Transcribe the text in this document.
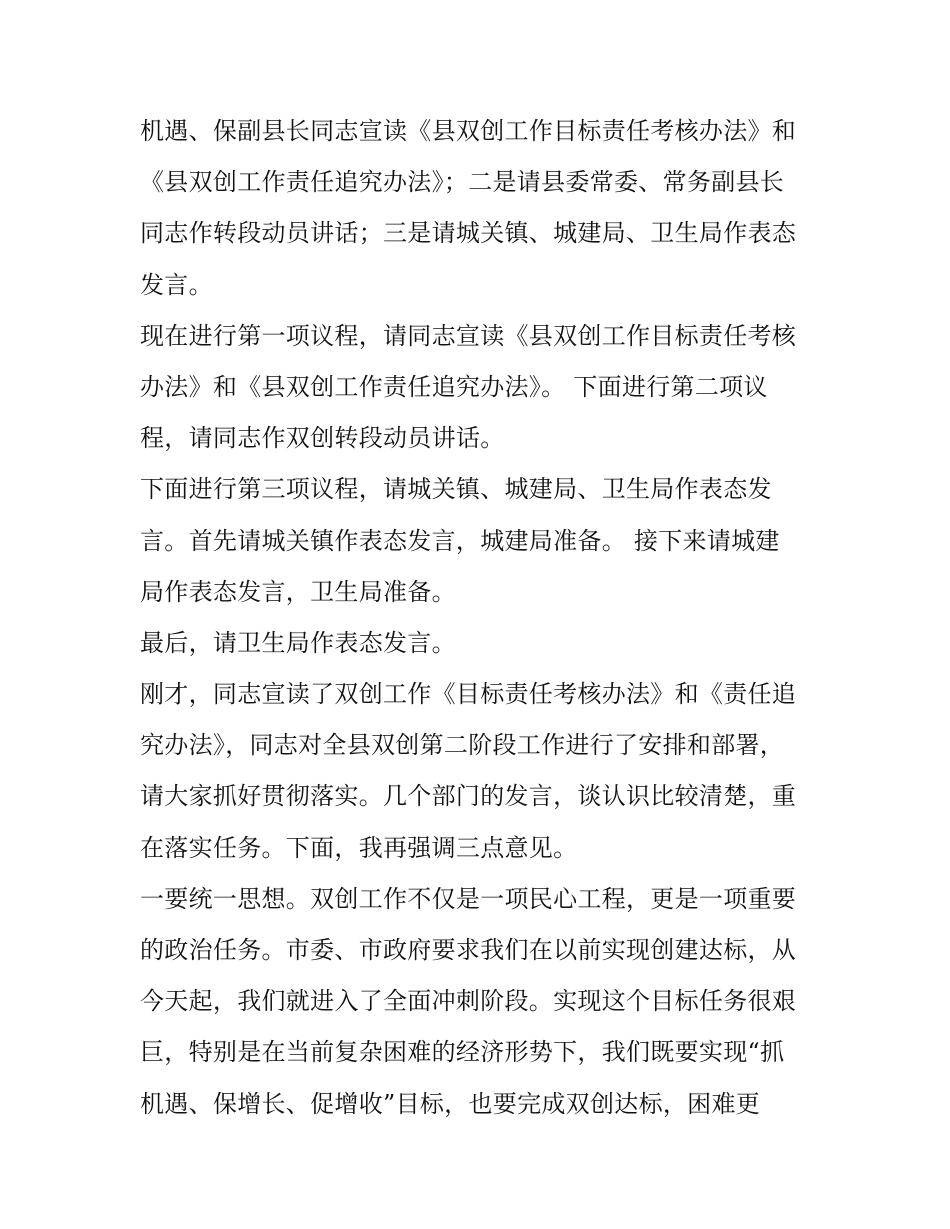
机遇、保副县长同志宣读《县双创工作目标责任考核办法》和
《县双创工作责任追究办法》；二是请县委常委、常务副县长
同志作转段动员讲话；三是请城关镇、城建局、卫生局作表态
发言。
现在进行第一项议程，请同志宣读《县双创工作目标责任考核
办法》和《县双创工作责任追究办法》。 下面进行第二项议
程，请同志作双创转段动员讲话。
下面进行第三项议程，请城关镇、城建局、卫生局作表态发
言。首先请城关镇作表态发言，城建局准备。 接下来请城建
局作表态发言，卫生局准备。
最后，请卫生局作表态发言。
刚才，同志宣读了双创工作《目标责任考核办法》和《责任追
究办法》，同志对全县双创第二阶段工作进行了安排和部署，
请大家抓好贯彻落实。几个部门的发言，谈认识比较清楚，重
在落实任务。下面，我再强调三点意见。
一要统一思想。双创工作不仅是一项民心工程，更是一项重要
的政治任务。市委、市政府要求我们在以前实现创建达标，从
今天起，我们就进入了全面冲刺阶段。实现这个目标任务很艰
巨，特别是在当前复杂困难的经济形势下，我们既要实现“抓
机遇、保增长、促增收”目标，也要完成双创达标，困难更
